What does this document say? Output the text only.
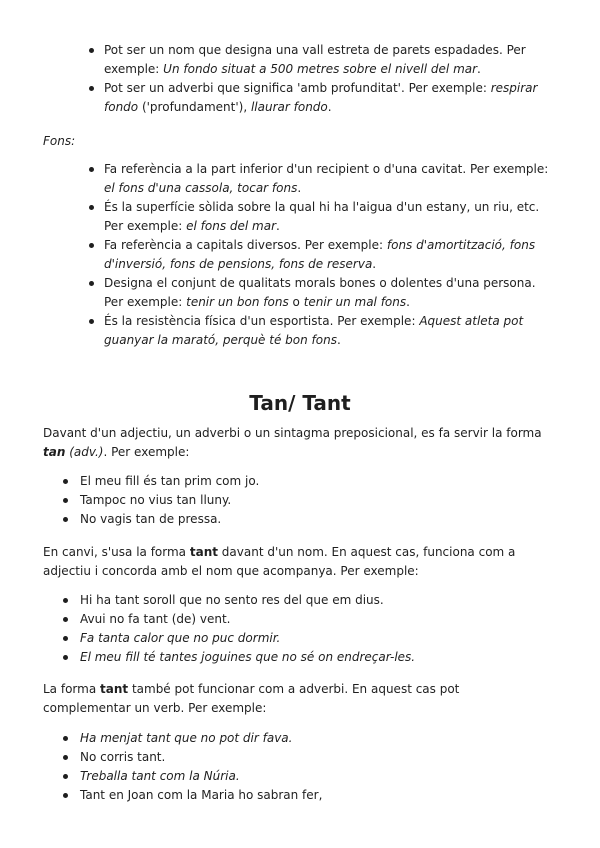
Pot ser un nom que designa una vall estreta de parets espadades. Per exemple: Un fondo situat a 500 metres sobre el nivell del mar.
Pot ser un adverbi que significa 'amb profunditat'. Per exemple: respirar fondo ('profundament'), llaurar fondo.
Fons:
Fa referència a la part inferior d'un recipient o d'una cavitat. Per exemple: el fons d'una cassola, tocar fons.
És la superfície sòlida sobre la qual hi ha l'aigua d'un estany, un riu, etc. Per exemple: el fons del mar.
Fa referència a capitals diversos. Per exemple: fons d'amortització, fons d'inversió, fons de pensions, fons de reserva.
Designa el conjunt de qualitats morals bones o dolentes d'una persona. Per exemple: tenir un bon fons o tenir un mal fons.
És la resistència física d'un esportista. Per exemple: Aquest atleta pot guanyar la marató, perquè té bon fons.
Tan/ Tant
Davant d'un adjectiu, un adverbi o un sintagma preposicional, es fa servir la forma tan (adv.). Per exemple:
El meu fill és tan prim com jo.
Tampoc no vius tan lluny.
No vagis tan de pressa.
En canvi, s'usa la forma tant davant d'un nom. En aquest cas, funciona com a adjectiu i concorda amb el nom que acompanya. Per exemple:
Hi ha tant soroll que no sento res del que em dius.
Avui no fa tant (de) vent.
Fa tanta calor que no puc dormir.
El meu fill té tantes joguines que no sé on endreçar-les.
La forma tant també pot funcionar com a adverbi. En aquest cas pot complementar un verb. Per exemple:
Ha menjat tant que no pot dir fava.
No corris tant.
Treballa tant com la Núria.
Tant en Joan com la Maria ho sabran fer,
